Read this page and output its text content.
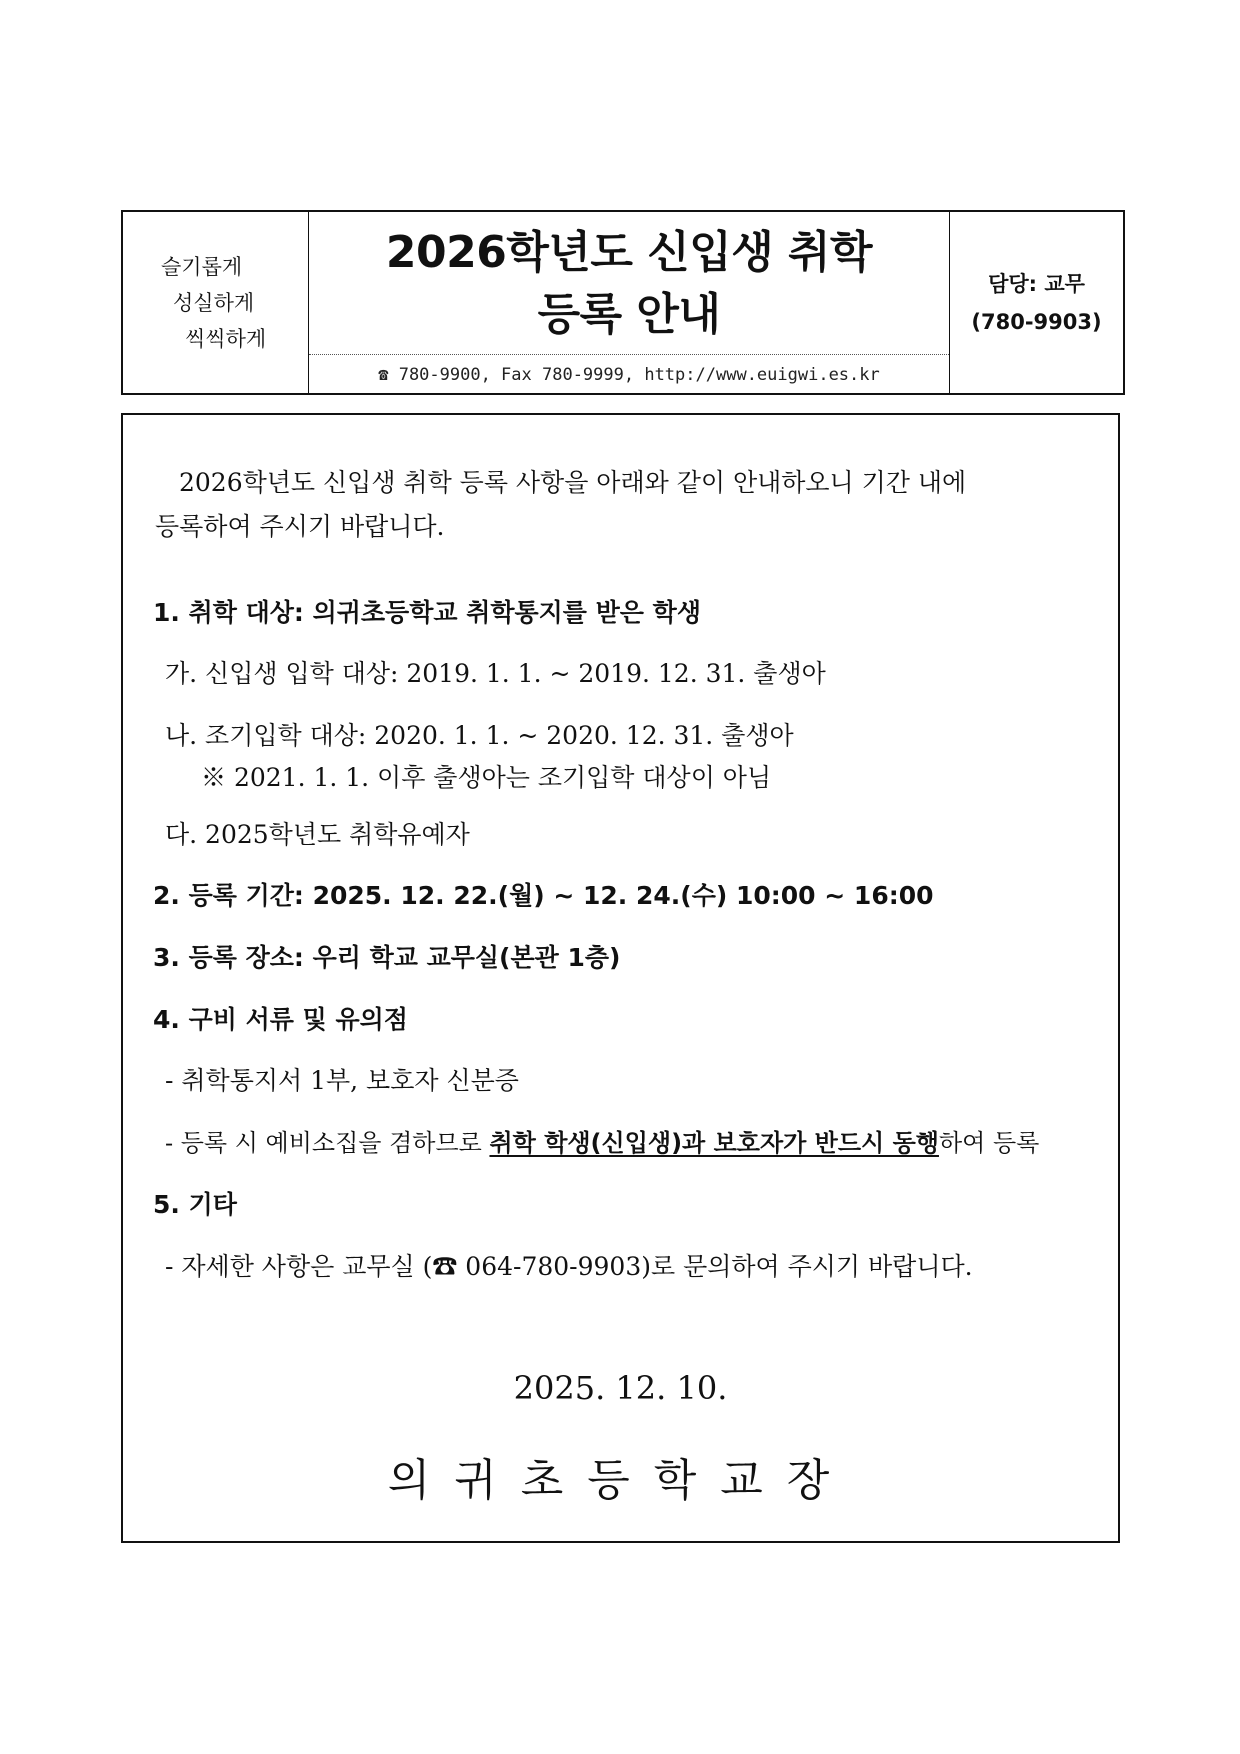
슬기롭게
성실하게
씩씩하게
2026학년도 신입생 취학
등록 안내
☎ 780-9900, Fax 780-9999, http://www.euigwi.es.kr
담당: 교무
(780-9903)
2026학년도 신입생 취학 등록 사항을 아래와 같이 안내하오니 기간 내에
등록하여 주시기 바랍니다.
1. 취학 대상: 의귀초등학교 취학통지를 받은 학생
가. 신입생 입학 대상: 2019. 1. 1. ~ 2019. 12. 31. 출생아
나. 조기입학 대상: 2020. 1. 1. ~ 2020. 12. 31. 출생아
※ 2021. 1. 1. 이후 출생아는 조기입학 대상이 아님
다. 2025학년도 취학유예자
2. 등록 기간: 2025. 12. 22.(월) ~ 12. 24.(수) 10:00 ~ 16:00
3. 등록 장소: 우리 학교 교무실(본관 1층)
4. 구비 서류 및 유의점
- 취학통지서 1부, 보호자 신분증
- 등록 시 예비소집을 겸하므로 취학 학생(신입생)과 보호자가 반드시 동행하여 등록
5. 기타
- 자세한 사항은 교무실 (☎ 064-780-9903)로 문의하여 주시기 바랍니다.
2025. 12. 10.
의귀초등학교장
